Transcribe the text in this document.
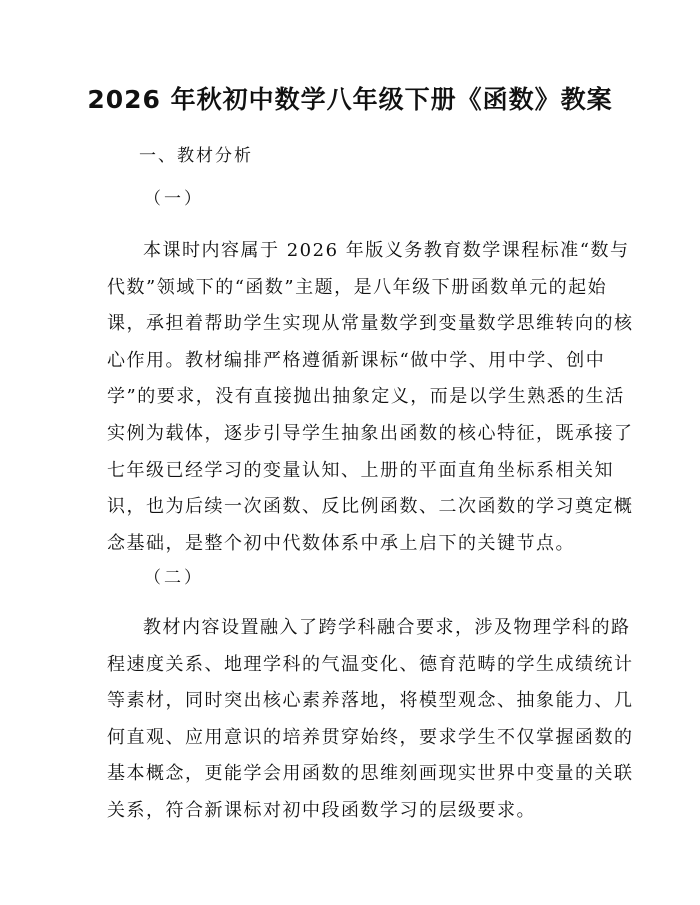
2026 年秋初中数学八年级下册《函数》教案

一、教材分析

（一）

本课时内容属于 2026 年版义务教育数学课程标准“数与
代数”领域下的“函数”主题，是八年级下册函数单元的起始
课，承担着帮助学生实现从常量数学到变量数学思维转向的核
心作用。教材编排严格遵循新课标“做中学、用中学、创中
学”的要求，没有直接抛出抽象定义，而是以学生熟悉的生活
实例为载体，逐步引导学生抽象出函数的核心特征，既承接了
七年级已经学习的变量认知、上册的平面直角坐标系相关知
识，也为后续一次函数、反比例函数、二次函数的学习奠定概
念基础，是整个初中代数体系中承上启下的关键节点。

（二）

教材内容设置融入了跨学科融合要求，涉及物理学科的路
程速度关系、地理学科的气温变化、德育范畴的学生成绩统计
等素材，同时突出核心素养落地，将模型观念、抽象能力、几
何直观、应用意识的培养贯穿始终，要求学生不仅掌握函数的
基本概念，更能学会用函数的思维刻画现实世界中变量的关联
关系，符合新课标对初中段函数学习的层级要求。
